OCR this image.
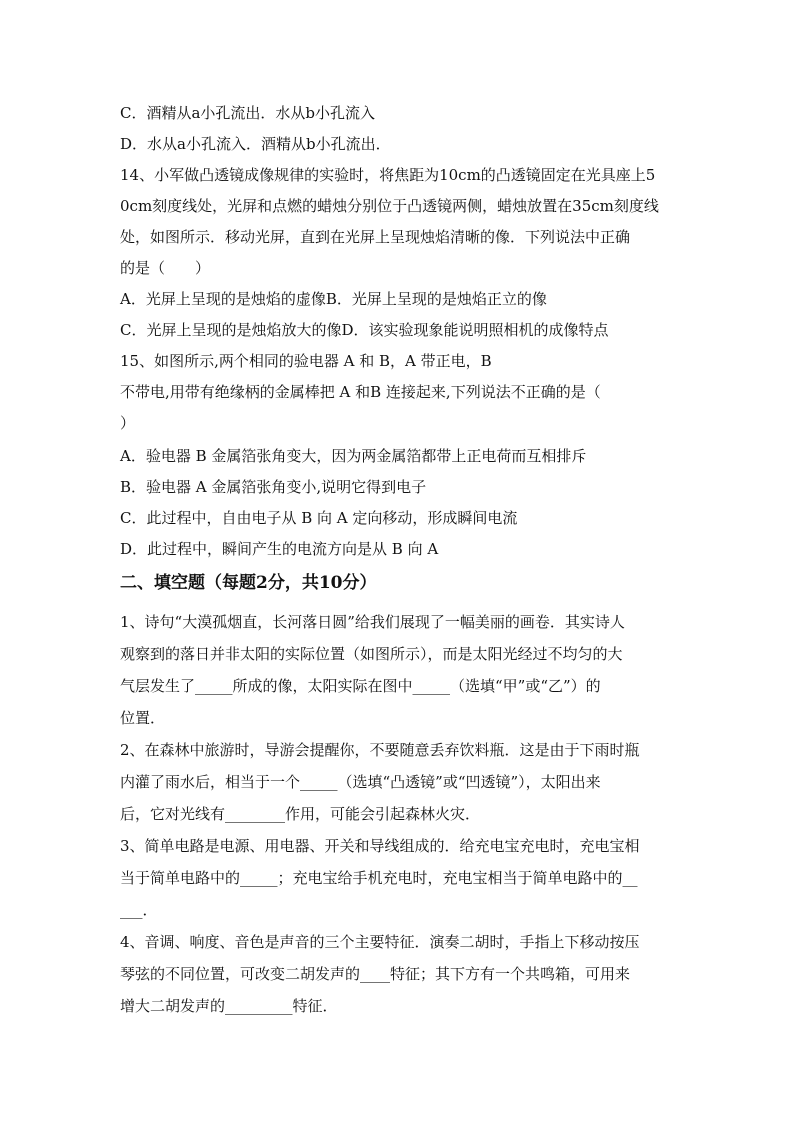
C．酒精从a小孔流出．水从b小孔流入
D．水从a小孔流入．酒精从b小孔流出．
14、小军做凸透镜成像规律的实验时，将焦距为10cm的凸透镜固定在光具座上5
0cm刻度线处，光屏和点燃的蜡烛分别位于凸透镜两侧，蜡烛放置在35cm刻度线
处，如图所示．移动光屏，直到在光屏上呈现烛焰清晰的像．下列说法中正确
的是（　　）
A．光屏上呈现的是烛焰的虚像B．光屏上呈现的是烛焰正立的像
C．光屏上呈现的是烛焰放大的像D．该实验现象能说明照相机的成像特点
15、如图所示,两个相同的验电器 A 和 B，A 带正电，B
不带电,用带有绝缘柄的金属棒把 A 和B 连接起来,下列说法不正确的是（
）
A．验电器 B 金属箔张角变大，因为两金属箔都带上正电荷而互相排斥
B．验电器 A 金属箔张角变小,说明它得到电子
C．此过程中，自由电子从 B 向 A 定向移动，形成瞬间电流
D．此过程中，瞬间产生的电流方向是从 B 向 A
二、填空题（每题2分，共10分）
1、诗句“大漠孤烟直，长河落日圆”给我们展现了一幅美丽的画卷．其实诗人
观察到的落日并非太阳的实际位置（如图所示），而是太阳光经过不均匀的大
气层发生了_____所成的像，太阳实际在图中_____（选填“甲”或“乙”）的
位置．
2、在森林中旅游时，导游会提醒你，不要随意丢弃饮料瓶．这是由于下雨时瓶
内灌了雨水后，相当于一个_____（选填“凸透镜”或“凹透镜”），太阳出来
后，它对光线有________作用，可能会引起森林火灾．
3、简单电路是电源、用电器、开关和导线组成的．给充电宝充电时，充电宝相
当于简单电路中的_____；充电宝给手机充电时，充电宝相当于简单电路中的__
___．
4、音调、响度、音色是声音的三个主要特征．演奏二胡时，手指上下移动按压
琴弦的不同位置，可改变二胡发声的____特征；其下方有一个共鸣箱，可用来
增大二胡发声的_________特征．
